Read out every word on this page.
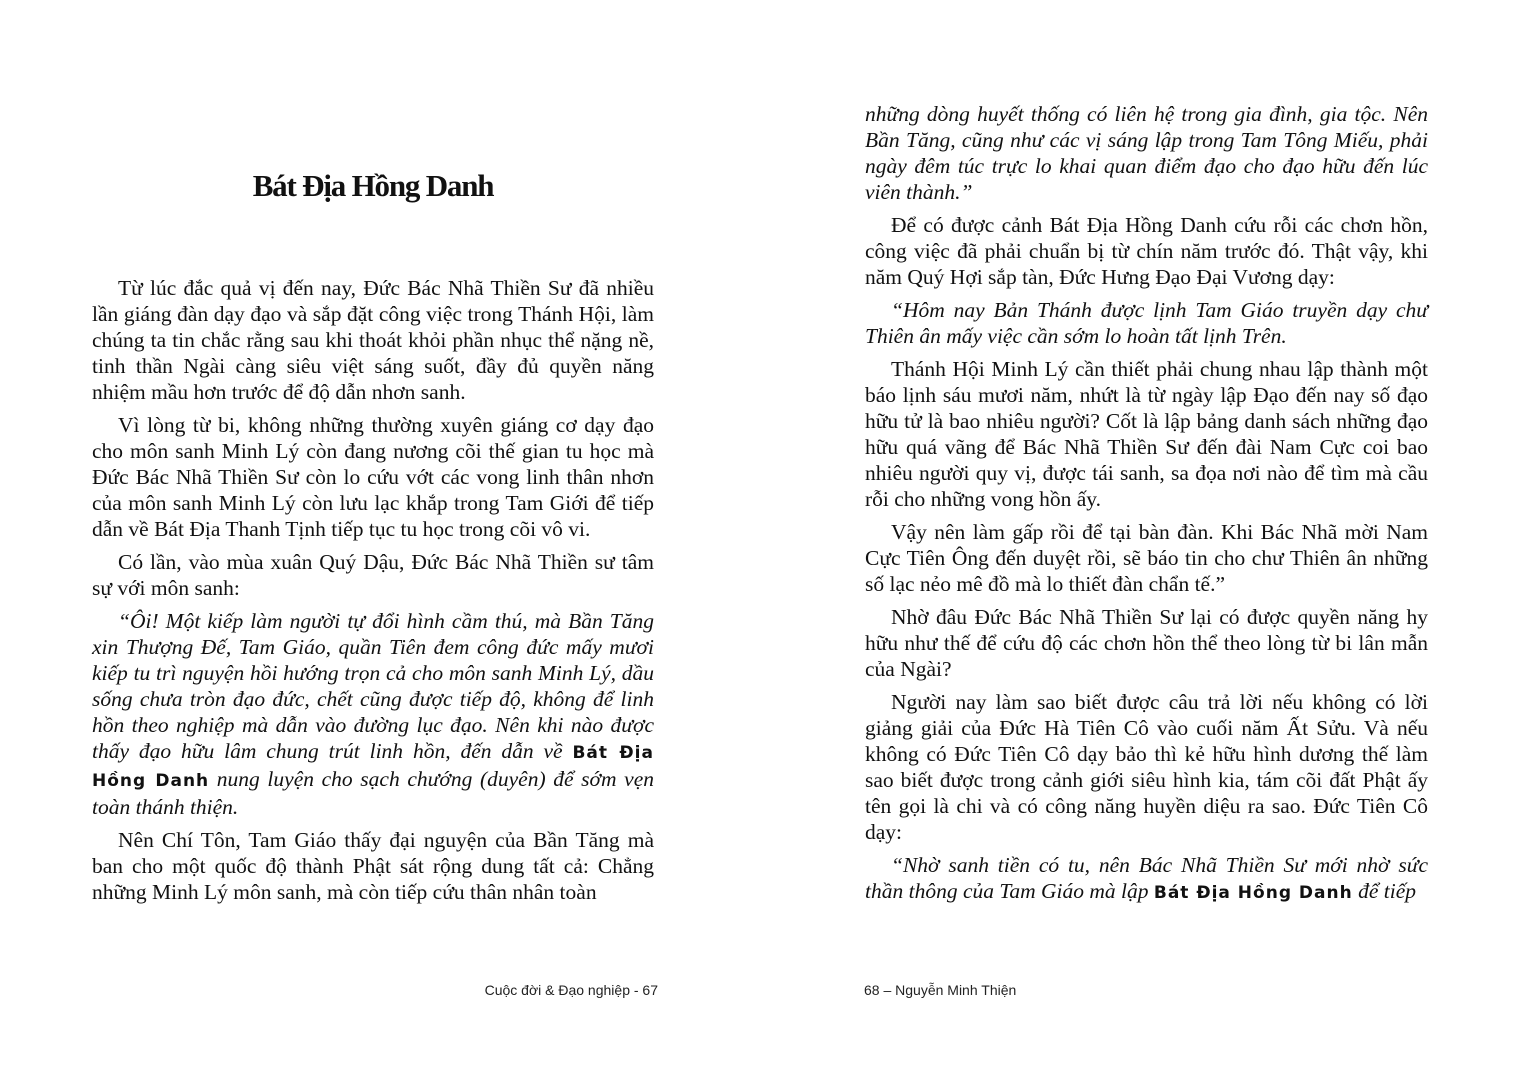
Bát Địa Hồng Danh

Từ lúc đắc quả vị đến nay, Đức Bác Nhã Thiền Sư đã nhiều lần giáng đàn dạy đạo và sắp đặt công việc trong Thánh Hội, làm chúng ta tin chắc rằng sau khi thoát khỏi phần nhục thể nặng nề, tinh thần Ngài càng siêu việt sáng suốt, đầy đủ quyền năng nhiệm mầu hơn trước để độ dẫn nhơn sanh.

Vì lòng từ bi, không những thường xuyên giáng cơ dạy đạo cho môn sanh Minh Lý còn đang nương cõi thế gian tu học mà Đức Bác Nhã Thiền Sư còn lo cứu vớt các vong linh thân nhơn của môn sanh Minh Lý còn lưu lạc khắp trong Tam Giới để tiếp dẫn về Bát Địa Thanh Tịnh tiếp tục tu học trong cõi vô vi.

Có lần, vào mùa xuân Quý Dậu, Đức Bác Nhã Thiền sư tâm sự với môn sanh:

“Ôi! Một kiếp làm người tự đổi hình cầm thú, mà Bần Tăng xin Thượng Đế, Tam Giáo, quần Tiên đem công đức mấy mươi kiếp tu trì nguyện hồi hướng trọn cả cho môn sanh Minh Lý, dầu sống chưa tròn đạo đức, chết cũng được tiếp độ, không để linh hồn theo nghiệp mà dẫn vào đường lục đạo. Nên khi nào được thấy đạo hữu lâm chung trút linh hồn, đến dẫn về Bát Địa Hồng Danh nung luyện cho sạch chướng (duyên) để sớm vẹn toàn thánh thiện.

Nên Chí Tôn, Tam Giáo thấy đại nguyện của Bần Tăng mà ban cho một quốc độ thành Phật sát rộng dung tất cả: Chẳng những Minh Lý môn sanh, mà còn tiếp cứu thân nhân toàn

Cuộc đời & Đạo nghiệp - 67

những dòng huyết thống có liên hệ trong gia đình, gia tộc. Nên Bần Tăng, cũng như các vị sáng lập trong Tam Tông Miếu, phải ngày đêm túc trực lo khai quan điểm đạo cho đạo hữu đến lúc viên thành.”

Để có được cảnh Bát Địa Hồng Danh cứu rỗi các chơn hồn, công việc đã phải chuẩn bị từ chín năm trước đó. Thật vậy, khi năm Quý Hợi sắp tàn, Đức Hưng Đạo Đại Vương dạy:

“Hôm nay Bản Thánh được lịnh Tam Giáo truyền dạy chư Thiên ân mấy việc cần sớm lo hoàn tất lịnh Trên.

Thánh Hội Minh Lý cần thiết phải chung nhau lập thành một báo lịnh sáu mươi năm, nhứt là từ ngày lập Đạo đến nay số đạo hữu tử là bao nhiêu người? Cốt là lập bảng danh sách những đạo hữu quá vãng để Bác Nhã Thiền Sư đến đài Nam Cực coi bao nhiêu người quy vị, được tái sanh, sa đọa nơi nào để tìm mà cầu rỗi cho những vong hồn ấy.

Vậy nên làm gấp rồi để tại bàn đàn. Khi Bác Nhã mời Nam Cực Tiên Ông đến duyệt rồi, sẽ báo tin cho chư Thiên ân những số lạc nẻo mê đồ mà lo thiết đàn chẩn tế.”

Nhờ đâu Đức Bác Nhã Thiền Sư lại có được quyền năng hy hữu như thế để cứu độ các chơn hồn thể theo lòng từ bi lân mẫn của Ngài?

Người nay làm sao biết được câu trả lời nếu không có lời giảng giải của Đức Hà Tiên Cô vào cuối năm Ất Sửu. Và nếu không có Đức Tiên Cô dạy bảo thì kẻ hữu hình dương thế làm sao biết được trong cảnh giới siêu hình kia, tám cõi đất Phật ấy tên gọi là chi và có công năng huyền diệu ra sao. Đức Tiên Cô dạy:

“Nhờ sanh tiền có tu, nên Bác Nhã Thiền Sư mới nhờ sức thần thông của Tam Giáo mà lập Bát Địa Hồng Danh để tiếp

68 – Nguyễn Minh Thiện
